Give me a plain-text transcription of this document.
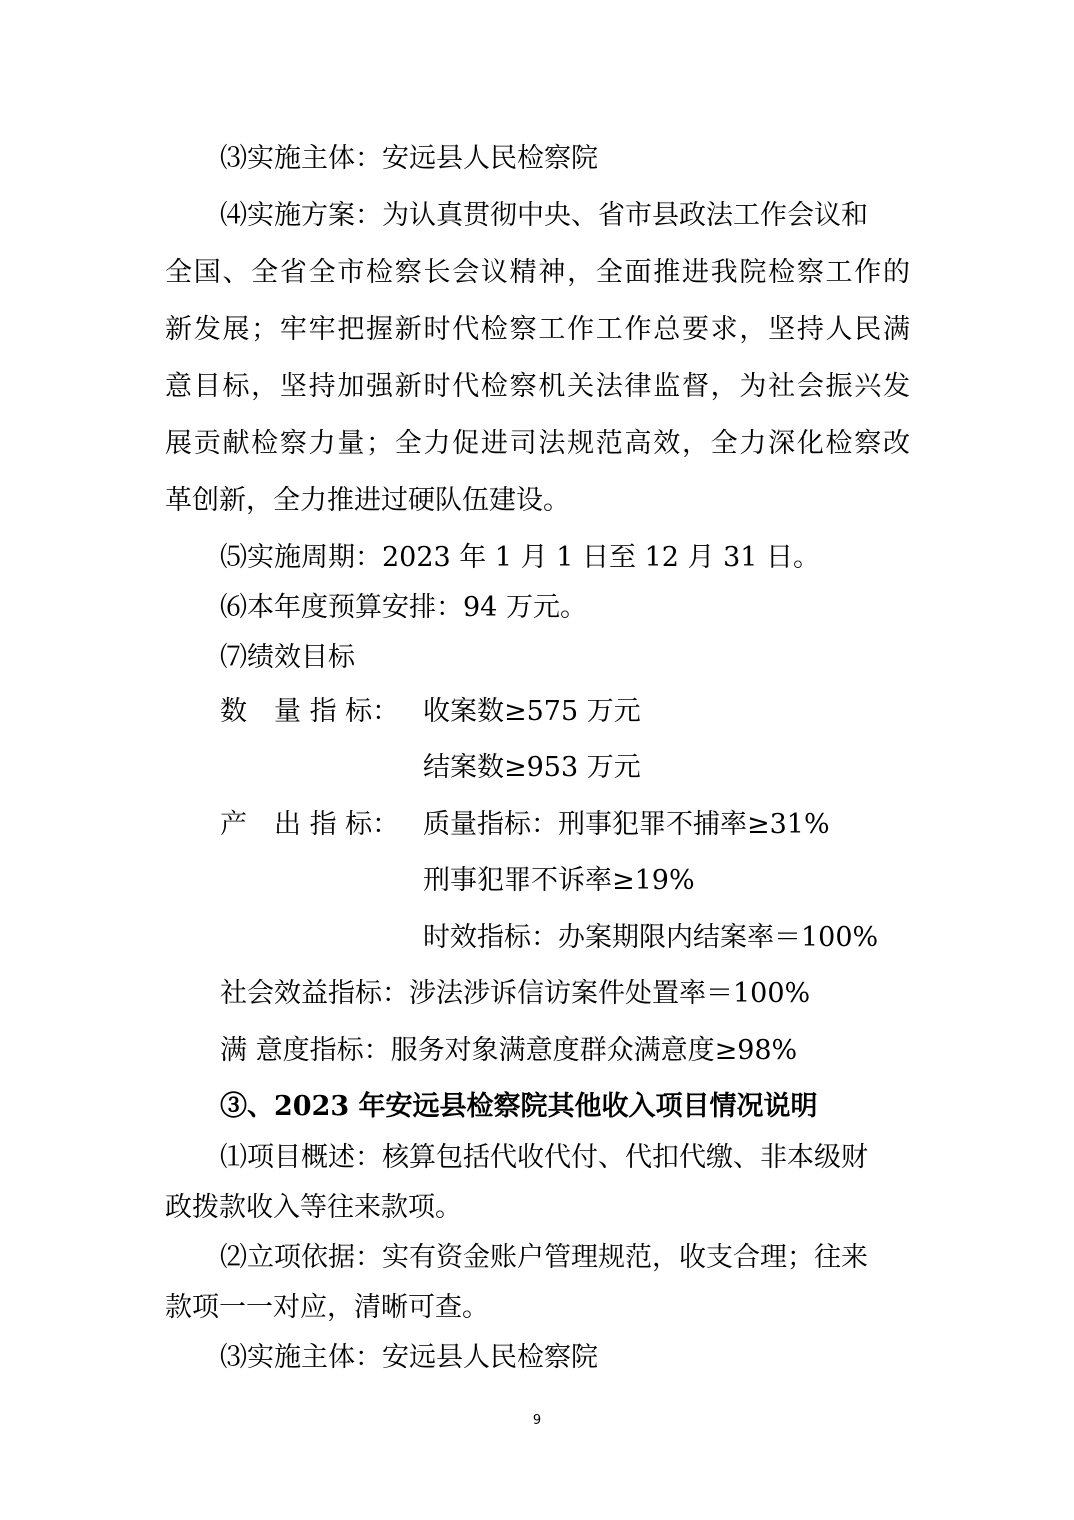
⑶实施主体：安远县人民检察院
⑷实施方案：为认真贯彻中央、省市县政法工作会议和
全国、全省全市检察长会议精神，全面推进我院检察工作的
新发展；牢牢把握新时代检察工作工作总要求，坚持人民满
意目标，坚持加强新时代检察机关法律监督，为社会振兴发
展贡献检察力量；全力促进司法规范高效，全力深化检察改
革创新，全力推进过硬队伍建设。
⑸实施周期：2023 年 1 月 1 日至 12 月 31 日。
⑹本年度预算安排：94 万元。
⑺绩效目标
数　量 指 标： 收案数≥575 万元
结案数≥953 万元
产　出 指 标： 质量指标：刑事犯罪不捕率≥31%
刑事犯罪不诉率≥19%
时效指标：办案期限内结案率＝100%
社会效益指标：涉法涉诉信访案件处置率＝100%
满 意度指标：服务对象满意度群众满意度≥98%
③、2023 年安远县检察院其他收入项目情况说明
⑴项目概述：核算包括代收代付、代扣代缴、非本级财
政拨款收入等往来款项。
⑵立项依据：实有资金账户管理规范，收支合理；往来
款项一一对应，清晰可查。
⑶实施主体：安远县人民检察院
9
